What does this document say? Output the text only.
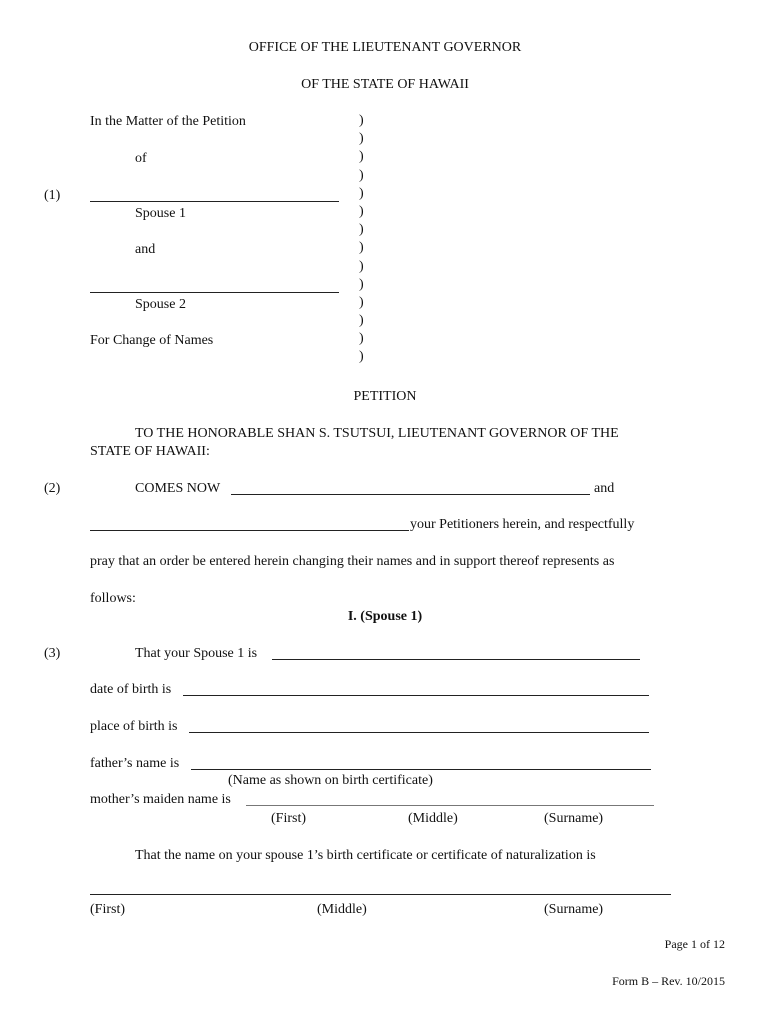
OFFICE OF THE LIEUTENANT GOVERNOR
OF THE STATE OF HAWAII
In the Matter of the Petition
of
(1)
Spouse 1
and
Spouse 2
For Change of Names
)
)
)
)
)
)
)
)
)
)
)
)
)
)
PETITION
TO THE HONORABLE SHAN S. TSUTSUI, LIEUTENANT GOVERNOR OF THE
STATE OF HAWAII:
(2)	COMES NOW	and
your Petitioners herein, and respectfully
pray that an order be entered herein changing their names and in support thereof represents as
follows:
I. (Spouse 1)
(3)	That your Spouse 1 is
date of birth is
place of birth is
father’s name is
(Name as shown on birth certificate)
mother’s maiden name is
(First)	(Middle)	(Surname)
That the name on your spouse 1’s birth certificate or certificate of naturalization is
(First)	(Middle)	(Surname)
Page 1 of 12
Form B – Rev. 10/2015
